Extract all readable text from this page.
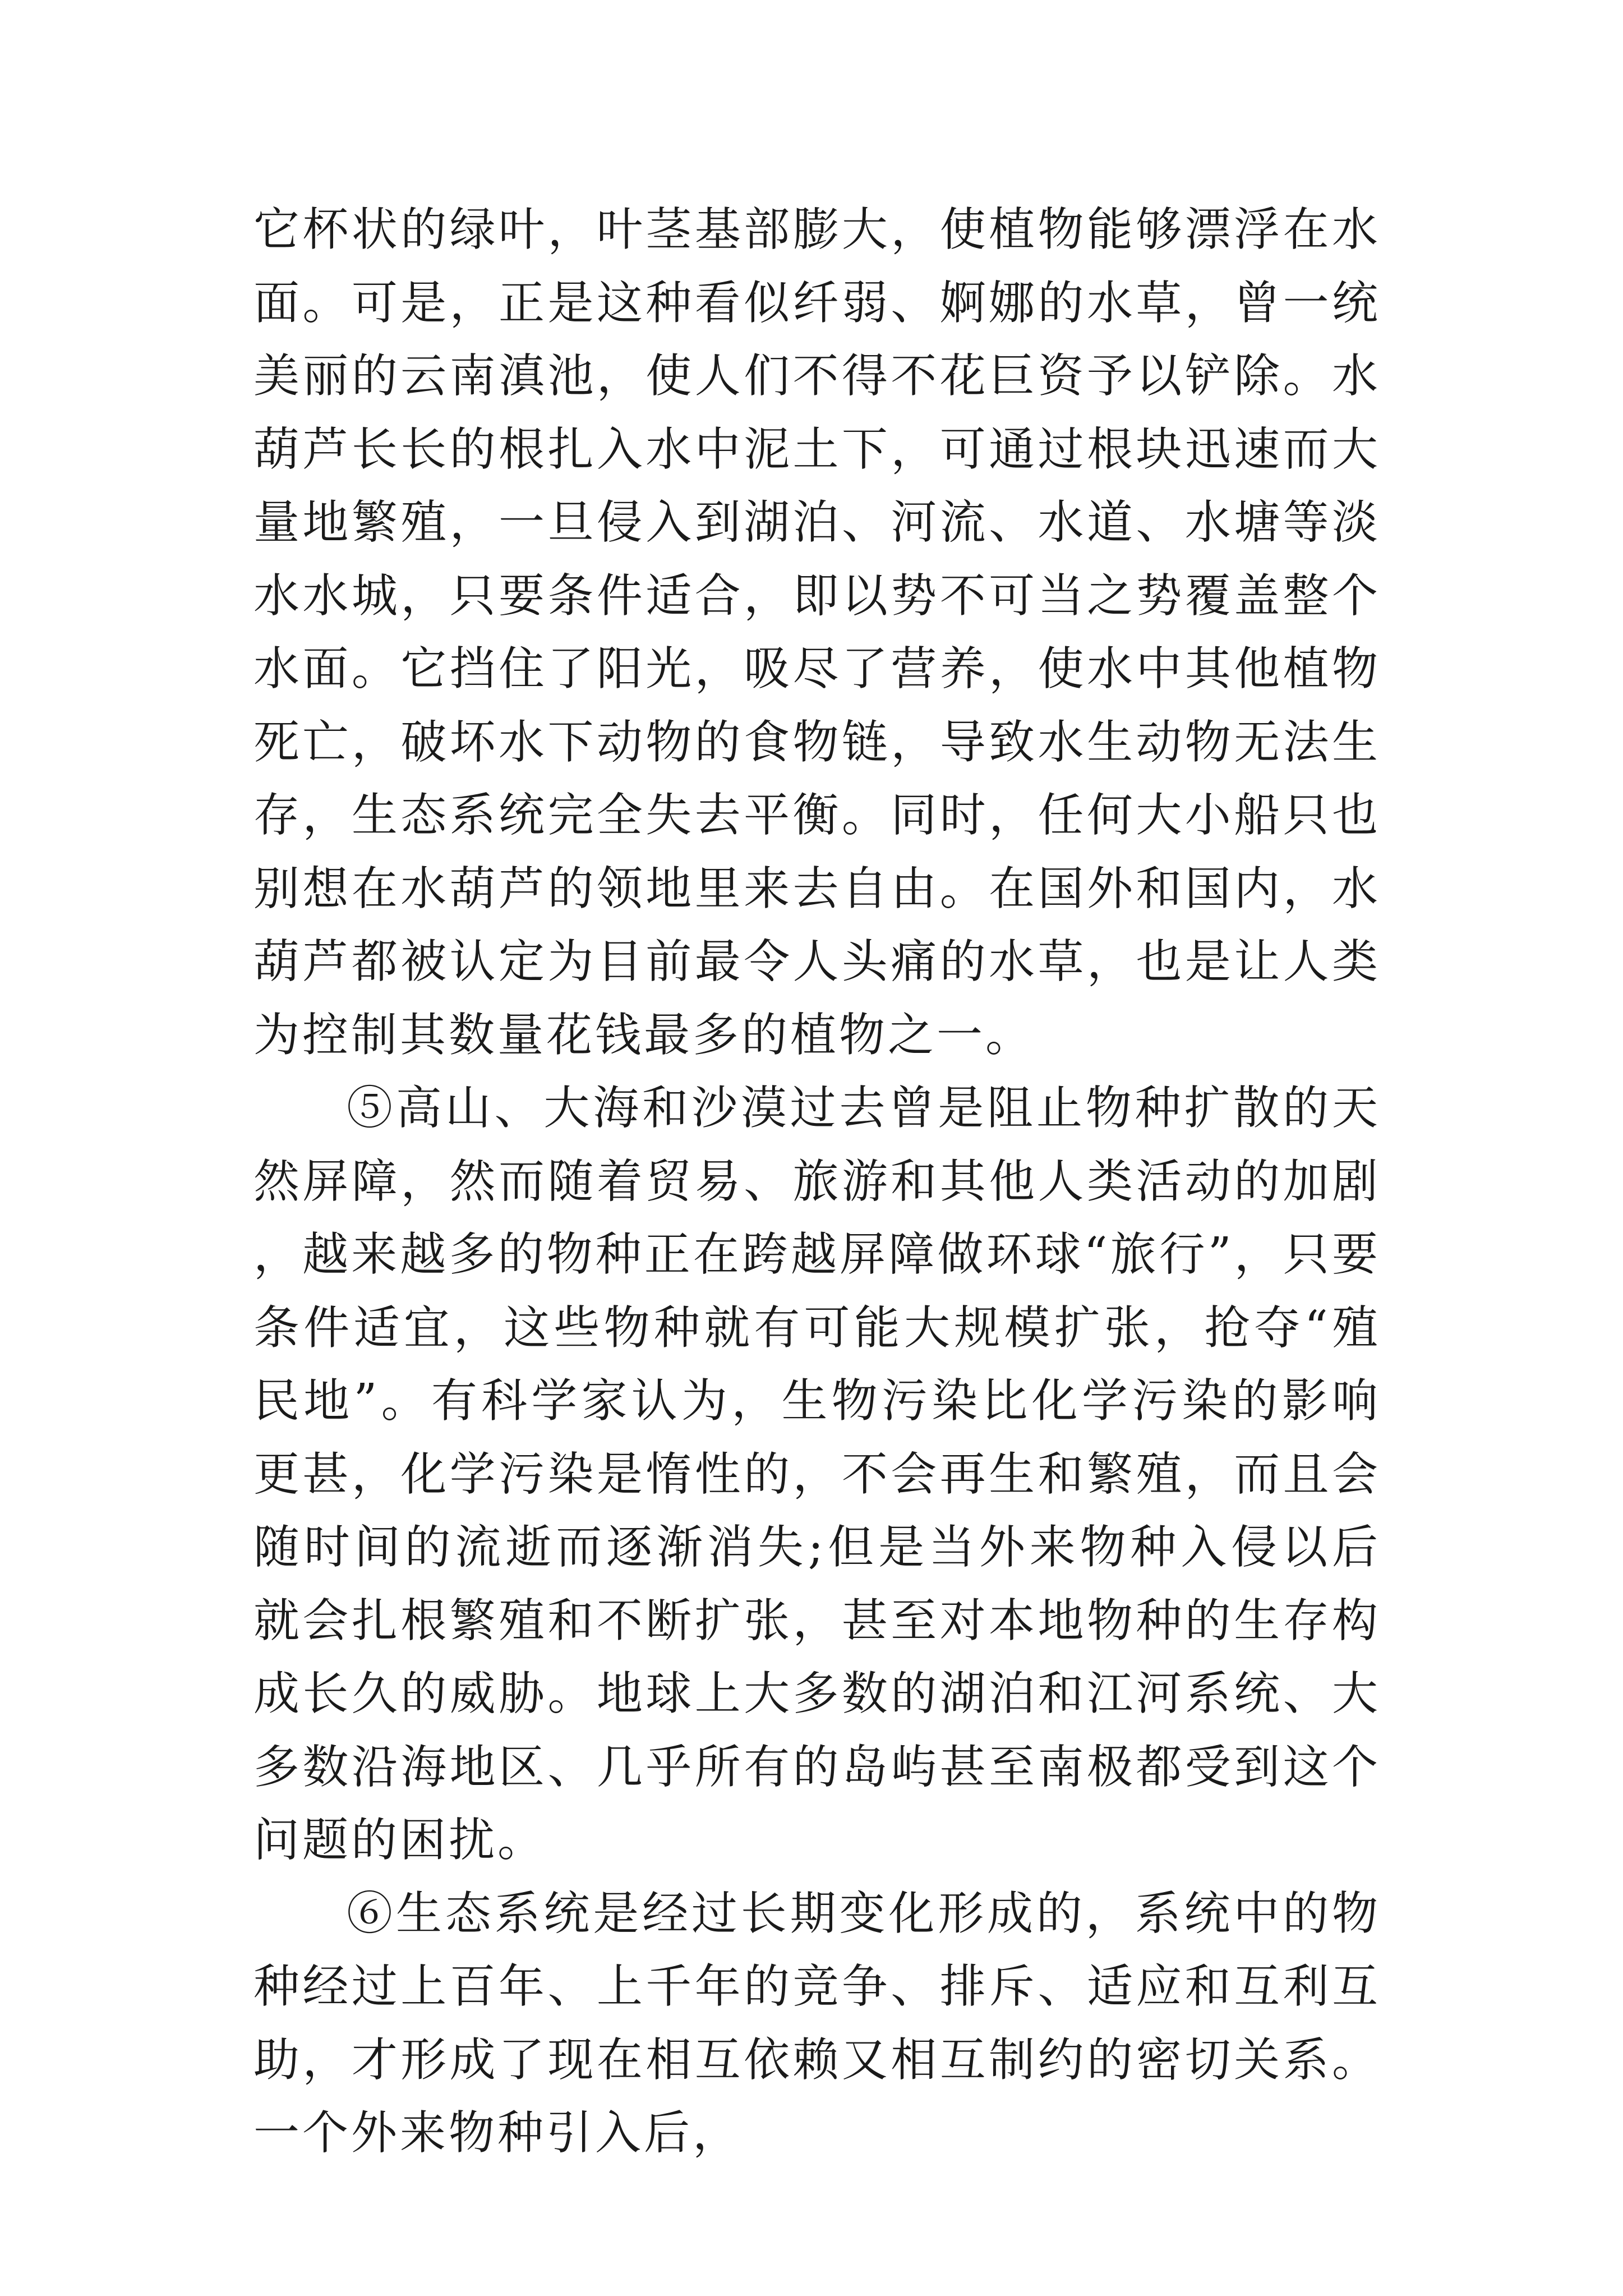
它杯状的绿叶，叶茎基部膨大，使植物能够漂浮在水面。可是，正是这种看似纤弱、婀娜的水草，曾一统美丽的云南滇池，使人们不得不花巨资予以铲除。水葫芦长长的根扎入水中泥土下，可通过根块迅速而大量地繁殖，一旦侵入到湖泊、河流、水道、水塘等淡水水城，只要条件适合，即以势不可当之势覆盖整个水面。它挡住了阳光，吸尽了营养，使水中其他植物死亡，破坏水下动物的食物链，导致水生动物无法生存，生态系统完全失去平衡。同时，任何大小船只也别想在水葫芦的领地里来去自由。在国外和国内，水葫芦都被认定为目前最令人头痛的水草，也是让人类为控制其数量花钱最多的植物之一。

⑤高山、大海和沙漠过去曾是阻止物种扩散的天然屏障，然而随着贸易、旅游和其他人类活动的加剧，越来越多的物种正在跨越屏障做环球“旅行”，只要条件适宜，这些物种就有可能大规模扩张，抢夺“殖民地”。有科学家认为，生物污染比化学污染的影响更甚，化学污染是惰性的，不会再生和繁殖，而且会随时间的流逝而逐渐消失;但是当外来物种入侵以后就会扎根繁殖和不断扩张，甚至对本地物种的生存构成长久的威胁。地球上大多数的湖泊和江河系统、大多数沿海地区、几乎所有的岛屿甚至南极都受到这个问题的困扰。

⑥生态系统是经过长期变化形成的，系统中的物种经过上百年、上千年的竞争、排斥、适应和互利互助，才形成了现在相互依赖又相互制约的密切关系。一个外来物种引入后，
